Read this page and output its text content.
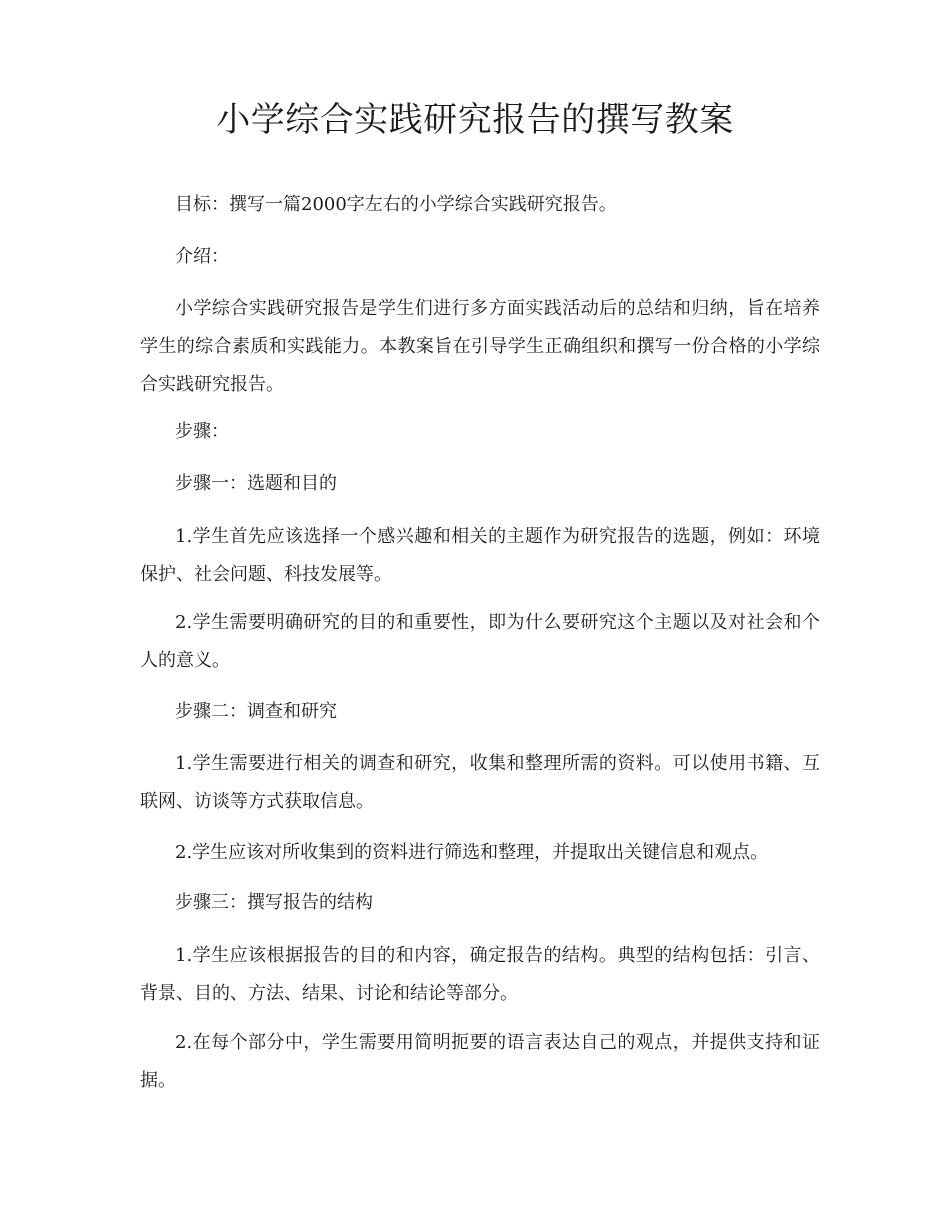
小学综合实践研究报告的撰写教案

目标：撰写一篇2000字左右的小学综合实践研究报告。

介绍：

小学综合实践研究报告是学生们进行多方面实践活动后的总结和归纳，旨在培养学生的综合素质和实践能力。本教案旨在引导学生正确组织和撰写一份合格的小学综合实践研究报告。

步骤：

步骤一：选题和目的

1.学生首先应该选择一个感兴趣和相关的主题作为研究报告的选题，例如：环境保护、社会问题、科技发展等。

2.学生需要明确研究的目的和重要性，即为什么要研究这个主题以及对社会和个人的意义。

步骤二：调查和研究

1.学生需要进行相关的调查和研究，收集和整理所需的资料。可以使用书籍、互联网、访谈等方式获取信息。

2.学生应该对所收集到的资料进行筛选和整理，并提取出关键信息和观点。

步骤三：撰写报告的结构

1.学生应该根据报告的目的和内容，确定报告的结构。典型的结构包括：引言、背景、目的、方法、结果、讨论和结论等部分。

2.在每个部分中，学生需要用简明扼要的语言表达自己的观点，并提供支持和证据。
